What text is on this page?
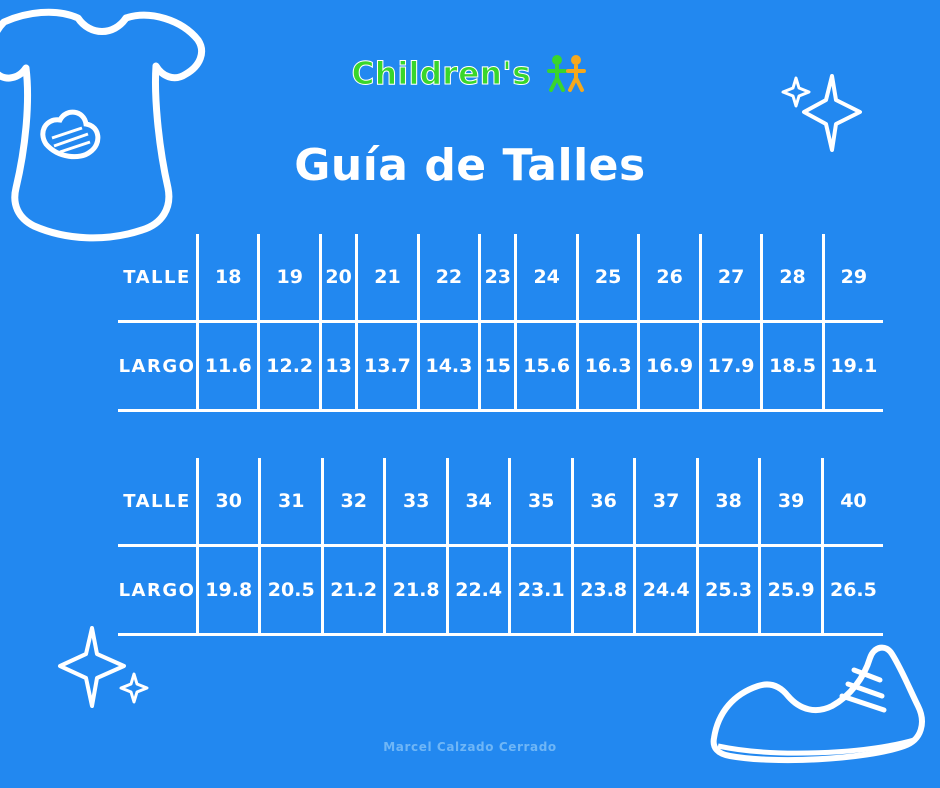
Children's
Guía de Talles
TALLE	18	19	20	21	22	23	24	25	26	27	28	29
LARGO	11.6	12.2	13	13.7	14.3	15	15.6	16.3	16.9	17.9	18.5	19.1
TALLE	30	31	32	33	34	35	36	37	38	39	40
LARGO	19.8	20.5	21.2	21.8	22.4	23.1	23.8	24.4	25.3	25.9	26.5
Marcel Calzado Cerrado
